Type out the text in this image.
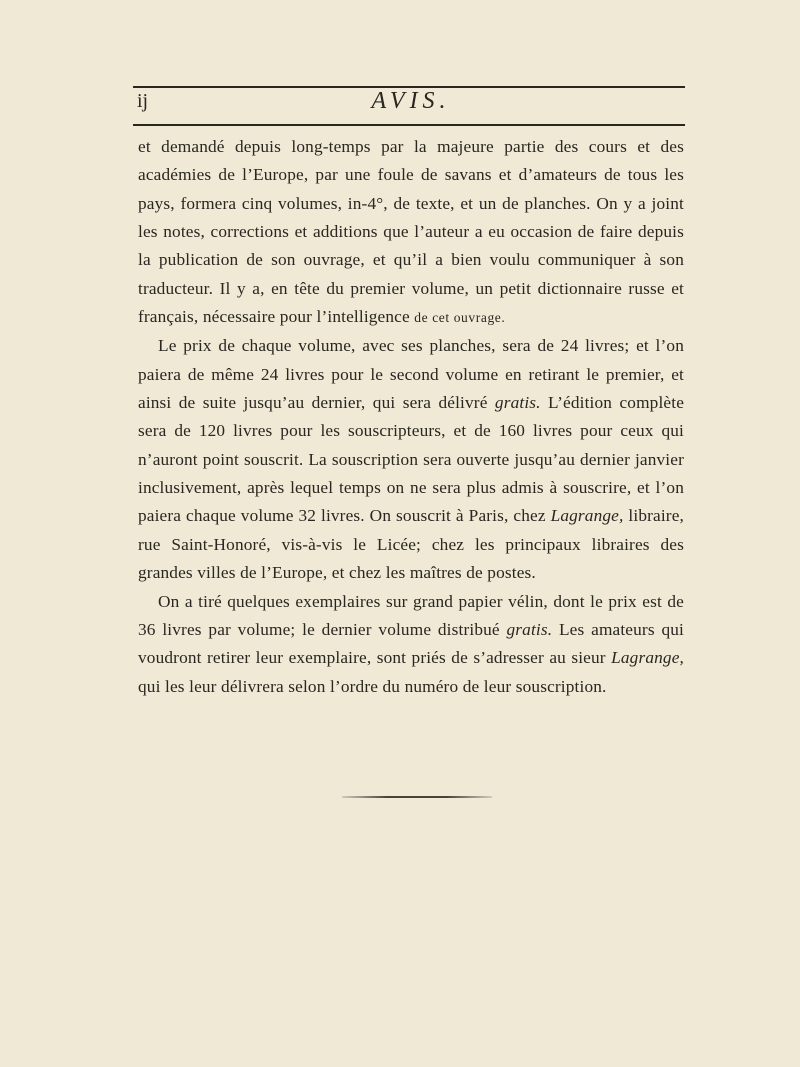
ij	AVIS.

et demandé depuis long-temps par la majeure partie des cours et des académies de l’Europe, par une foule de savans et d’amateurs de tous les pays, formera cinq volumes, in-4°, de texte, et un de planches. On y a joint les notes, corrections et additions que l’auteur a eu occasion de faire depuis la publication de son ouvrage, et qu’il a bien voulu communiquer à son traducteur. Il y a, en tête du premier volume, un petit dictionnaire russe et français, nécessaire pour l’intelligence de cet ouvrage.

Le prix de chaque volume, avec ses planches, sera de 24 livres; et l’on paiera de même 24 livres pour le second volume en retirant le premier, et ainsi de suite jusqu’au dernier, qui sera délivré gratis. L’édition complète sera de 120 livres pour les souscripteurs, et de 160 livres pour ceux qui n’auront point souscrit. La souscription sera ouverte jusqu’au dernier janvier inclusivement, après lequel temps on ne sera plus admis à souscrire, et l’on paiera chaque volume 32 livres. On souscrit à Paris, chez Lagrange, libraire, rue Saint-Honoré, vis-à-vis le Licée; chez les principaux libraires des grandes villes de l’Europe, et chez les maîtres de postes.

On a tiré quelques exemplaires sur grand papier vélin, dont le prix est de 36 livres par volume; le dernier volume distribué gratis. Les amateurs qui voudront retirer leur exemplaire, sont priés de s’adresser au sieur Lagrange, qui les leur délivrera selon l’ordre du numéro de leur souscription.
